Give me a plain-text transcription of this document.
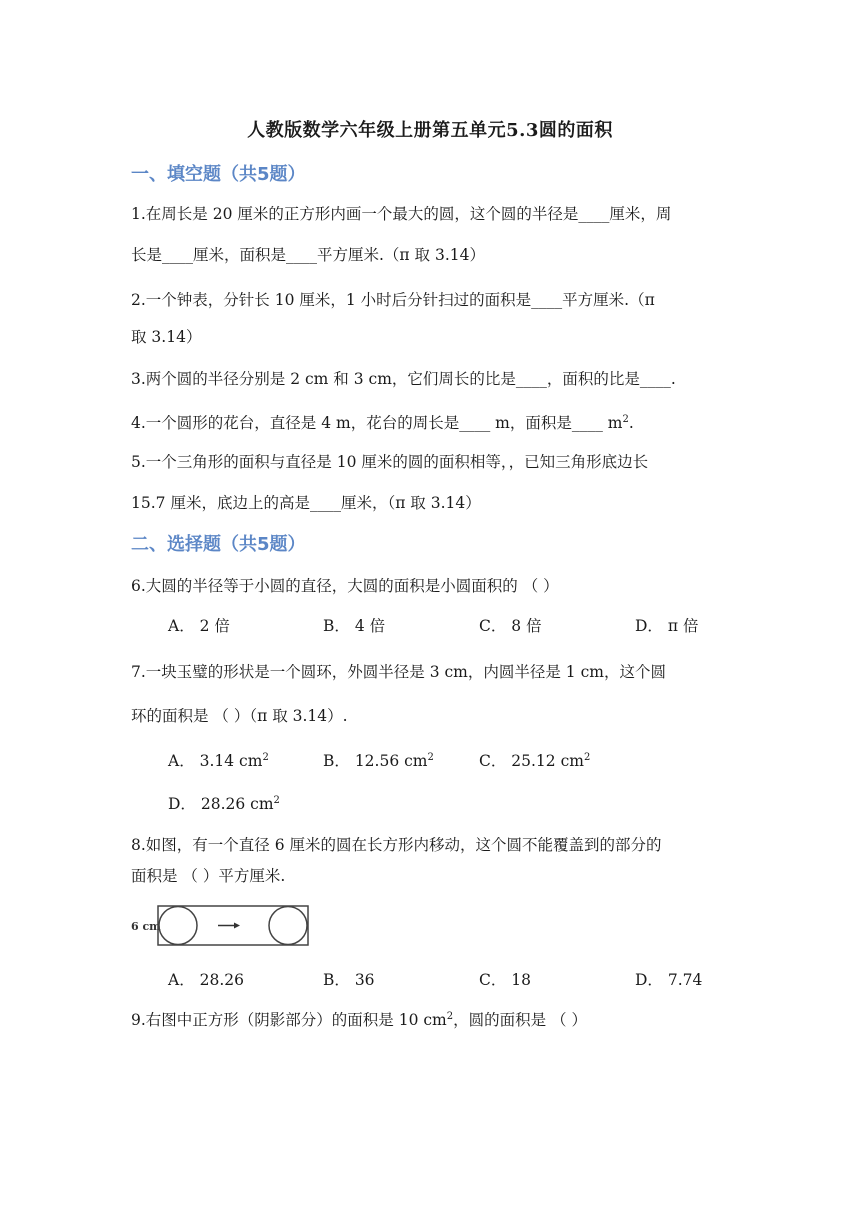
人教版数学六年级上册第五单元5.3圆的面积
一、填空题（共5题）
1.在周长是 20 厘米的正方形内画一个最大的圆，这个圆的半径是____厘米，周
长是____厘米，面积是____平方厘米.（π 取 3.14）
2.一个钟表，分针长 10 厘米，1 小时后分针扫过的面积是____平方厘米.（π
取 3.14）
3.两个圆的半径分别是 2 cm 和 3 cm，它们周长的比是____，面积的比是____.
4.一个圆形的花台，直径是 4 m，花台的周长是____ m，面积是____ $m^2$.
5.一个三角形的面积与直径是 10 厘米的圆的面积相等，，已知三角形底边长
15.7 厘米，底边上的高是____厘米，（π 取 3.14）
二、选择题（共5题）
6.大圆的半径等于小圆的直径，大圆的面积是小圆面积的 （ ）
A． 2 倍	B． 4 倍	C． 8 倍	D． π 倍
7.一块玉璧的形状是一个圆环，外圆半径是 3 cm，内圆半径是 1 cm，这个圆
环的面积是 （ ）（π 取 3.14）.
A． 3.14 $cm^2$	B． 12.56 $cm^2$	C． 25.12 $cm^2$
D． 28.26 $cm^2$
8.如图，有一个直径 6 厘米的圆在长方形内移动，这个圆不能覆盖到的部分的
面积是 （ ）平方厘米.
6 cm
A． 28.26	B． 36	C． 18	D． 7.74
9.右图中正方形（阴影部分）的面积是 10 $cm^2$，圆的面积是 （ ）
